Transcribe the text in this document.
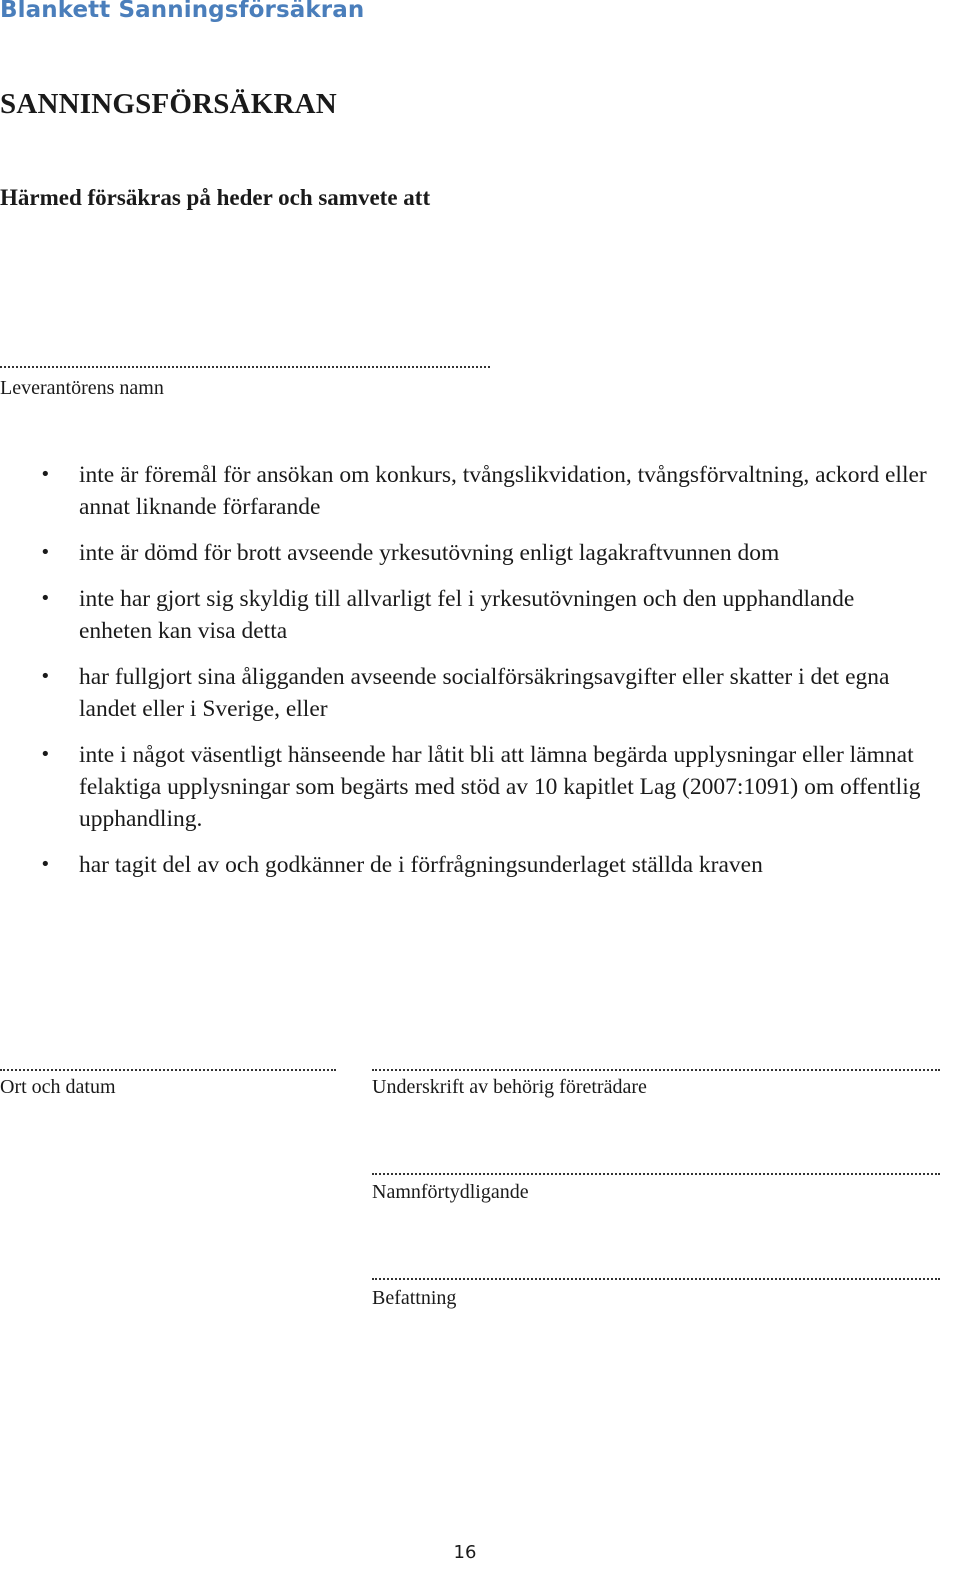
Blankett Sanningsförsäkran
SANNINGSFÖRSÄKRAN
Härmed försäkras på heder och samvete att
Leverantörens namn
• inte är föremål för ansökan om konkurs, tvångslikvidation, tvångsförvaltning, ackord eller annat liknande förfarande
• inte är dömd för brott avseende yrkesutövning enligt lagakraftvunnen dom
• inte har gjort sig skyldig till allvarligt fel i yrkesutövningen och den upphandlande enheten kan visa detta
• har fullgjort sina åligganden avseende socialförsäkringsavgifter eller skatter i det egna landet eller i Sverige, eller
• inte i något väsentligt hänseende har låtit bli att lämna begärda upplysningar eller lämnat felaktiga upplysningar som begärts med stöd av 10 kapitlet Lag (2007:1091) om offentlig upphandling.
• har tagit del av och godkänner de i förfrågningsunderlaget ställda kraven
Ort och datum	Underskrift av behörig företrädare
Namnförtydligande
Befattning
16
